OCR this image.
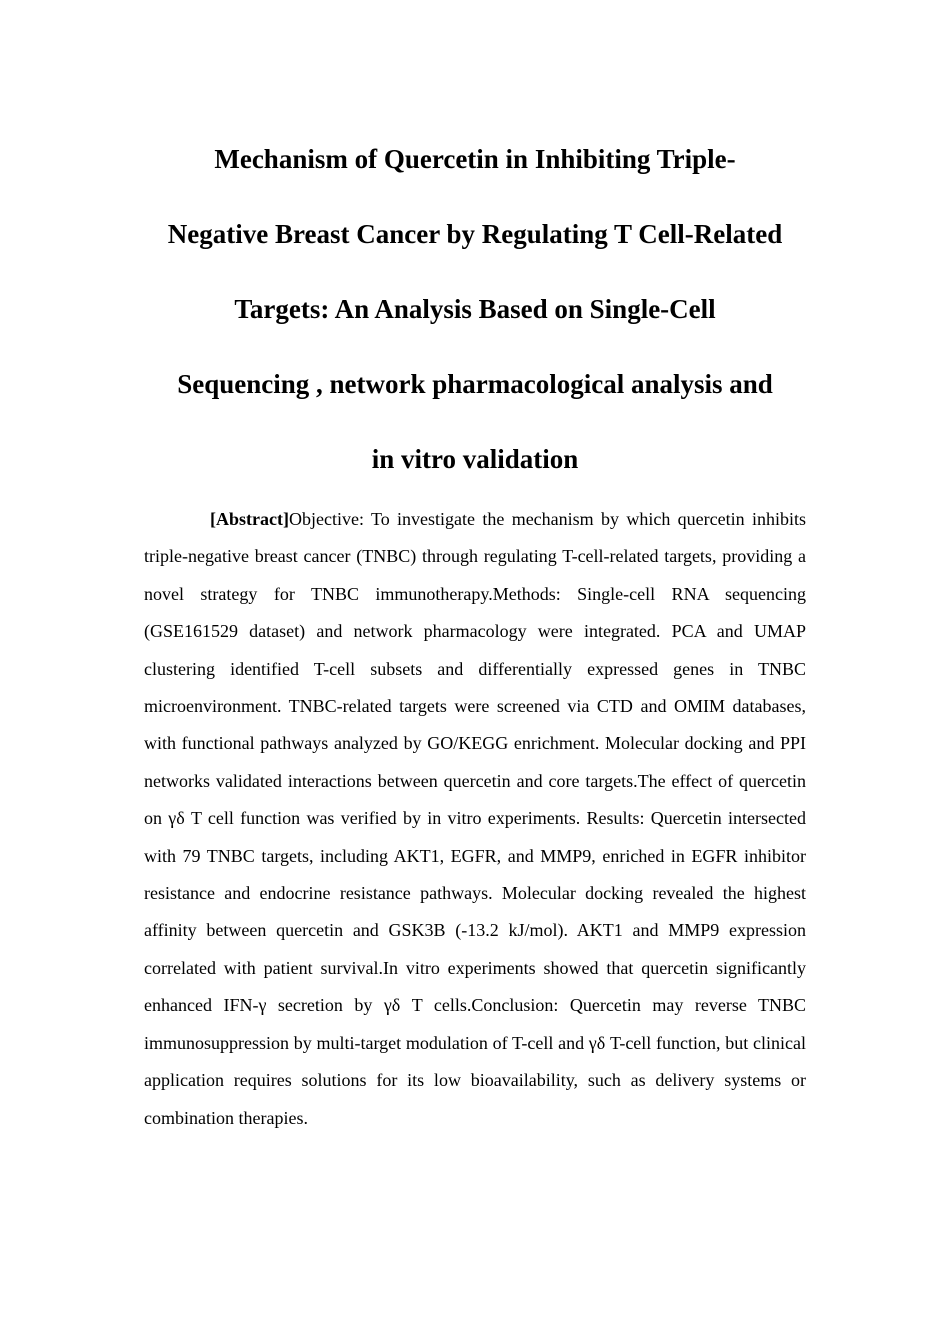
Mechanism of Quercetin in Inhibiting Triple-
Negative Breast Cancer by Regulating T Cell-Related
Targets: An Analysis Based on Single-Cell
Sequencing , network pharmacological analysis and
in vitro validation

[Abstract]Objective: To investigate the mechanism by which quercetin inhibits triple-negative breast cancer (TNBC) through regulating T-cell-related targets, providing a novel strategy for TNBC immunotherapy.Methods: Single-cell RNA sequencing (GSE161529 dataset) and network pharmacology were integrated. PCA and UMAP clustering identified T-cell subsets and differentially expressed genes in TNBC microenvironment. TNBC-related targets were screened via CTD and OMIM databases, with functional pathways analyzed by GO/KEGG enrichment. Molecular docking and PPI networks validated interactions between quercetin and core targets.The effect of quercetin on γδ T cell function was verified by in vitro experiments. Results: Quercetin intersected with 79 TNBC targets, including AKT1, EGFR, and MMP9, enriched in EGFR inhibitor resistance and endocrine resistance pathways. Molecular docking revealed the highest affinity between quercetin and GSK3B (-13.2 kJ/mol). AKT1 and MMP9 expression correlated with patient survival.In vitro experiments showed that quercetin significantly enhanced IFN-γ secretion by γδ T cells.Conclusion: Quercetin may reverse TNBC immunosuppression by multi-target modulation of T-cell and γδ T-cell function, but clinical application requires solutions for its low bioavailability, such as delivery systems or combination therapies.
